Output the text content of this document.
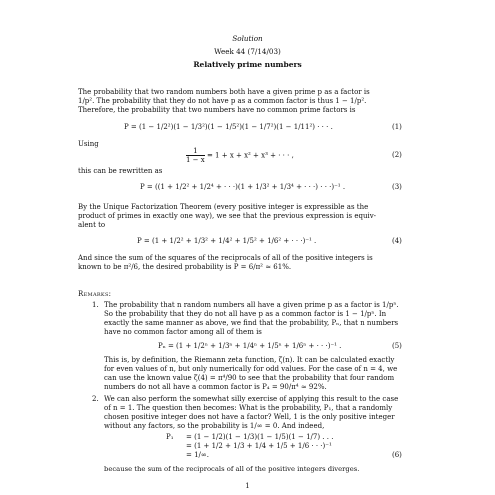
Solution
Week 44 (7/14/03)
Relatively prime numbers
The probability that two random numbers both have a given prime p as a factor is
1/p². The probability that they do not have p as a common factor is thus 1 − 1/p².
Therefore, the probability that two numbers have no common prime factors is
P = (1 − 1/2²)(1 − 1/3²)(1 − 1/5²)(1 − 1/7²)(1 − 1/11²) · · · .	(1)
Using
$\frac{1}{1 - x} = 1 + x + x^2 + x^3$ + · · · ,	(2)
this can be rewritten as
P = ((1 + 1/2² + 1/2⁴ + · · ·)(1 + 1/3² + 1/3⁴ + · · ·) · · ·)⁻¹ .	(3)
By the Unique Factorization Theorem (every positive integer is expressible as the
product of primes in exactly one way), we see that the previous expression is equiv-
alent to
P = (1 + 1/2² + 1/3² + 1/4² + 1/5² + 1/6² + · · ·)⁻¹ .	(4)
And since the sum of the squares of the reciprocals of all of the positive integers is
known to be π²/6, the desired probability is P = 6/π² ≈ 61%.
Remarks:
1. The probability that n random numbers all have a given prime p as a factor is 1/pⁿ.
So the probability that they do not all have p as a common factor is 1 − 1/pⁿ. In
exactly the same manner as above, we find that the probability, Pₙ, that n numbers
have no common factor among all of them is
Pₙ = (1 + 1/2ⁿ + 1/3ⁿ + 1/4ⁿ + 1/5ⁿ + 1/6ⁿ + · · ·)⁻¹ .	(5)
This is, by definition, the Riemann zeta function, ζ(n). It can be calculated exactly
for even values of n, but only numerically for odd values. For the case of n = 4, we
can use the known value ζ(4) = π⁴/90 to see that the probability that four random
numbers do not all have a common factor is P₄ = 90/π⁴ ≈ 92%.
2. We can also perform the somewhat silly exercise of applying this result to the case
of n = 1. The question then becomes: What is the probability, P₁, that a randomly
chosen positive integer does not have a factor? Well, 1 is the only positive integer
without any factors, so the probability is 1/∞ = 0. And indeed,
P₁ = (1 − 1/2)(1 − 1/3)(1 − 1/5)(1 − 1/7) . . .
= (1 + 1/2 + 1/3 + 1/4 + 1/5 + 1/6 · · ·)⁻¹
= 1/∞.	(6)
because the sum of the reciprocals of all of the positive integers diverges.
1
